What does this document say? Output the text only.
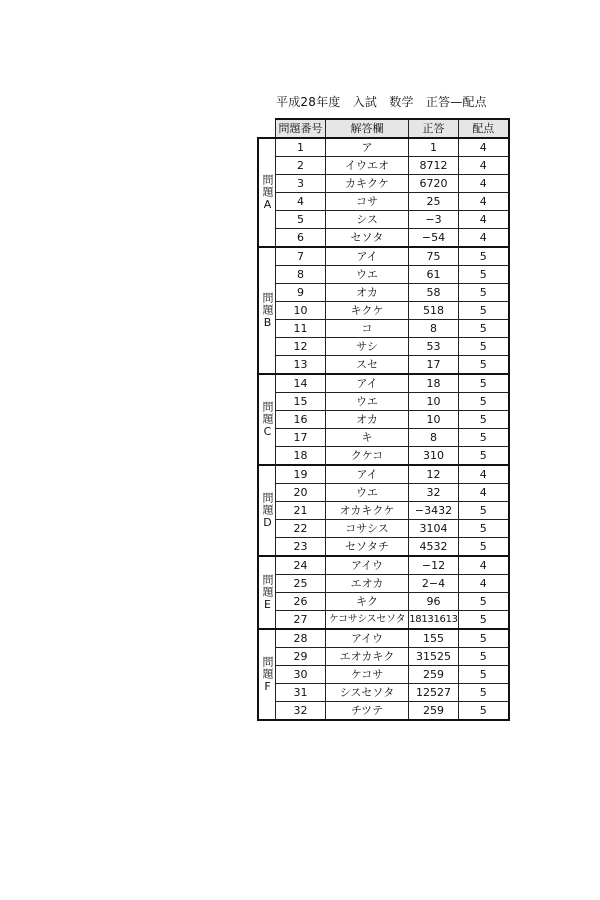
平成28年度　入試　数学　正答—配点
	問題番号	解答欄	正答	配点

問題A	1	ア	1	4
	2	イウエオ	8712	4
	3	カキクケ	6720	4
	4	コサ	25	4
	5	シス	−3	4
	6	セソタ	−54	4

問題B	7	アイ	75	5
	8	ウエ	61	5
	9	オカ	58	5
	10	キクケ	518	5
	11	コ	8	5
	12	サシ	53	5
	13	スセ	17	5

問題C	14	アイ	18	5
	15	ウエ	10	5
	16	オカ	10	5
	17	キ	8	5
	18	クケコ	310	5

問題D	19	アイ	12	4
	20	ウエ	32	4
	21	オカキクケ	−3432	5
	22	コサシス	3104	5
	23	セソタチ	4532	5

問題E	24	アイウ	−12	4
	25	エオカ	2−4	4
	26	キク	96	5
	27	ケコサシスセソタ	18131613	5

問題F	28	アイウ	155	5
	29	エオカキク	31525	5
	30	ケコサ	259	5
	31	シスセソタ	12527	5
	32	チツテ	259	5
